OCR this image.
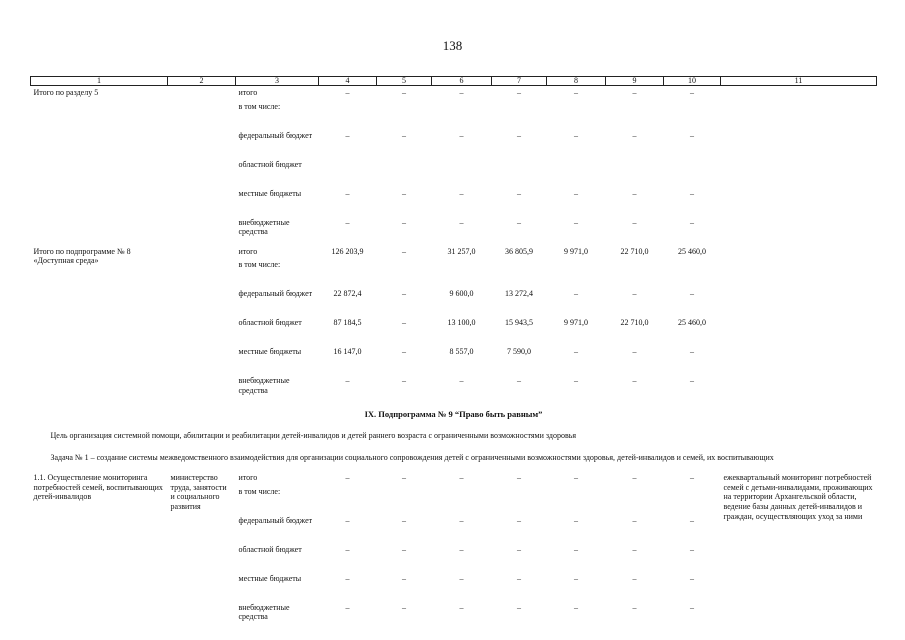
138
1	2	3	4	5	6	7	8	9	10	11
Итого по разделу 5		итого	–	–	–	–	–	–	–	
		в том числе:								
		федеральный бюджет	–	–	–	–	–	–	–	
		областной бюджет								
		местные бюджеты	–	–	–	–	–	–	–	
		внебюджетные средства	–	–	–	–	–	–	–	
Итого по подпрограмме № 8 «Доступная среда»		итого	126 203,9	–	31 257,0	36 805,9	9 971,0	22 710,0	25 460,0	
		в том числе:								
		федеральный бюджет	22 872,4	–	9 600,0	13 272,4	–	–	–	
		областной бюджет	87 184,5	–	13 100,0	15 943,5	9 971,0	22 710,0	25 460,0	
		местные бюджеты	16 147,0	–	8 557,0	7 590,0	–	–	–	
		внебюджетные средства	–	–	–	–	–	–	–	
IX. Подпрограмма № 9 “Право быть равным”										
Цель организация системной помощи, абилитации и реабилитации детей-инвалидов и детей раннего возраста с ограниченными возможностями здоровья										
Задача № 1 – создание системы межведомственного взаимодействия для организации социального сопровождения детей с ограниченными возможностями здоровья, детей-инвалидов и семей, их воспитывающих										
1.1. Осуществление мониторинга потребностей семей, воспитывающих детей-инвалидов	министерство труда, занятости и социального развития	итого	–	–	–	–	–	–	–	ежеквартальный мониторинг потребностей семей с детьми-инвалидами, проживающих на территории Архангельской области, ведение базы данных детей-инвалидов и граждан, осуществляющих уход за ними
		в том числе:								
		федеральный бюджет	–	–	–	–	–	–	–	
		областной бюджет	–	–	–	–	–	–	–	
		местные бюджеты	–	–	–	–	–	–	–	
		внебюджетные средства	–	–	–	–	–	–	–	
